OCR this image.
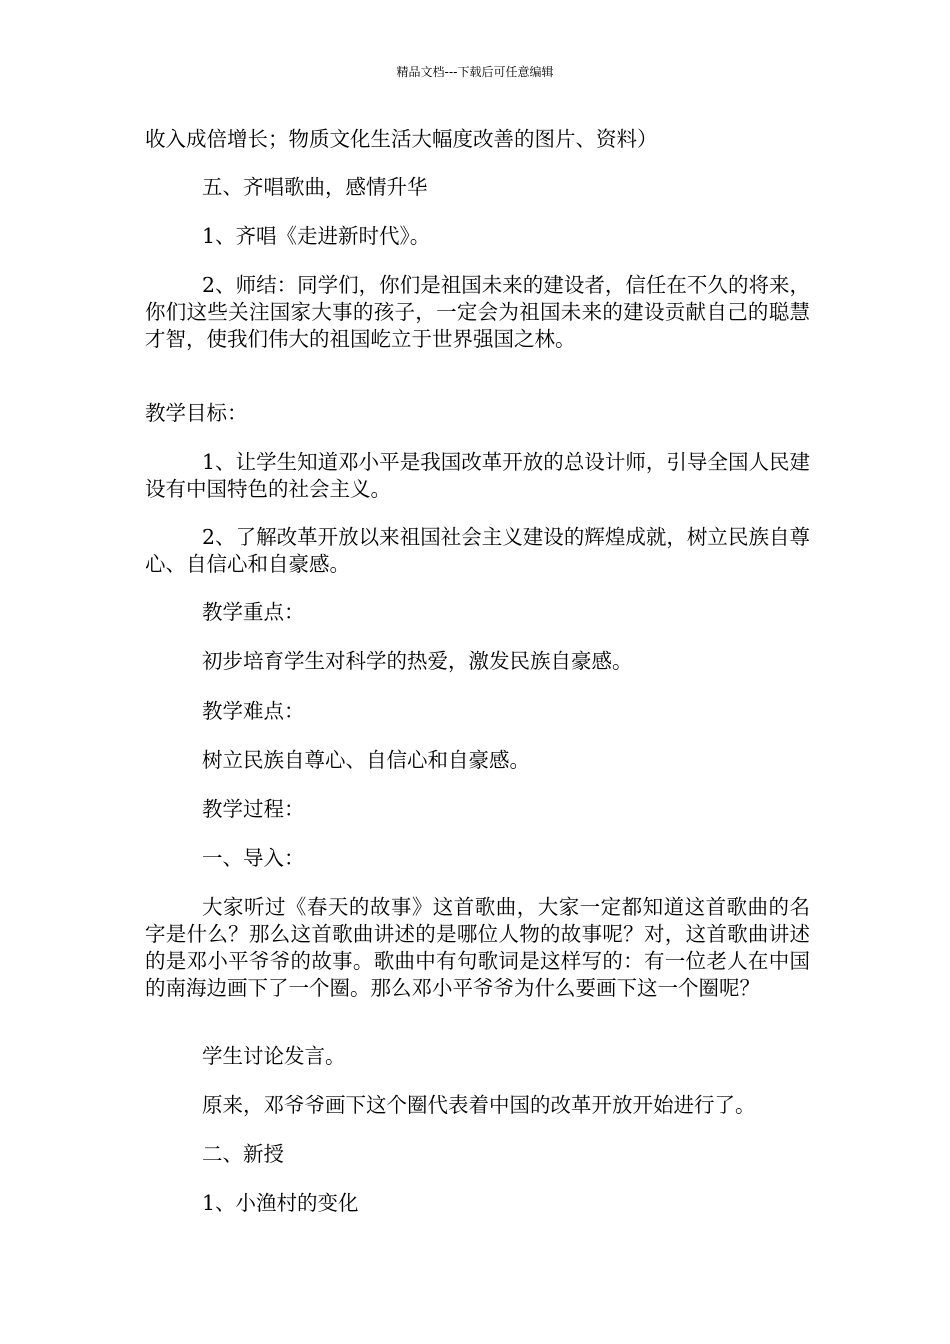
精品文档---下载后可任意编辑

收入成倍增长；物质文化生活大幅度改善的图片、资料）

五、齐唱歌曲，感情升华

1、齐唱《走进新时代》。

2、师结：同学们，你们是祖国未来的建设者，信任在不久的将来，你们这些关注国家大事的孩子，一定会为祖国未来的建设贡献自己的聪慧才智，使我们伟大的祖国屹立于世界强国之林。

教学目标：

1、让学生知道邓小平是我国改革开放的总设计师，引导全国人民建设有中国特色的社会主义。

2、了解改革开放以来祖国社会主义建设的辉煌成就，树立民族自尊心、自信心和自豪感。

教学重点：

初步培育学生对科学的热爱，激发民族自豪感。

教学难点：

树立民族自尊心、自信心和自豪感。

教学过程：

一、导入：

大家听过《春天的故事》这首歌曲，大家一定都知道这首歌曲的名字是什么？那么这首歌曲讲述的是哪位人物的故事呢？对，这首歌曲讲述的是邓小平爷爷的故事。歌曲中有句歌词是这样写的：有一位老人在中国的南海边画下了一个圈。那么邓小平爷爷为什么要画下这一个圈呢？

学生讨论发言。

原来，邓爷爷画下这个圈代表着中国的改革开放开始进行了。

二、新授

1、小渔村的变化
